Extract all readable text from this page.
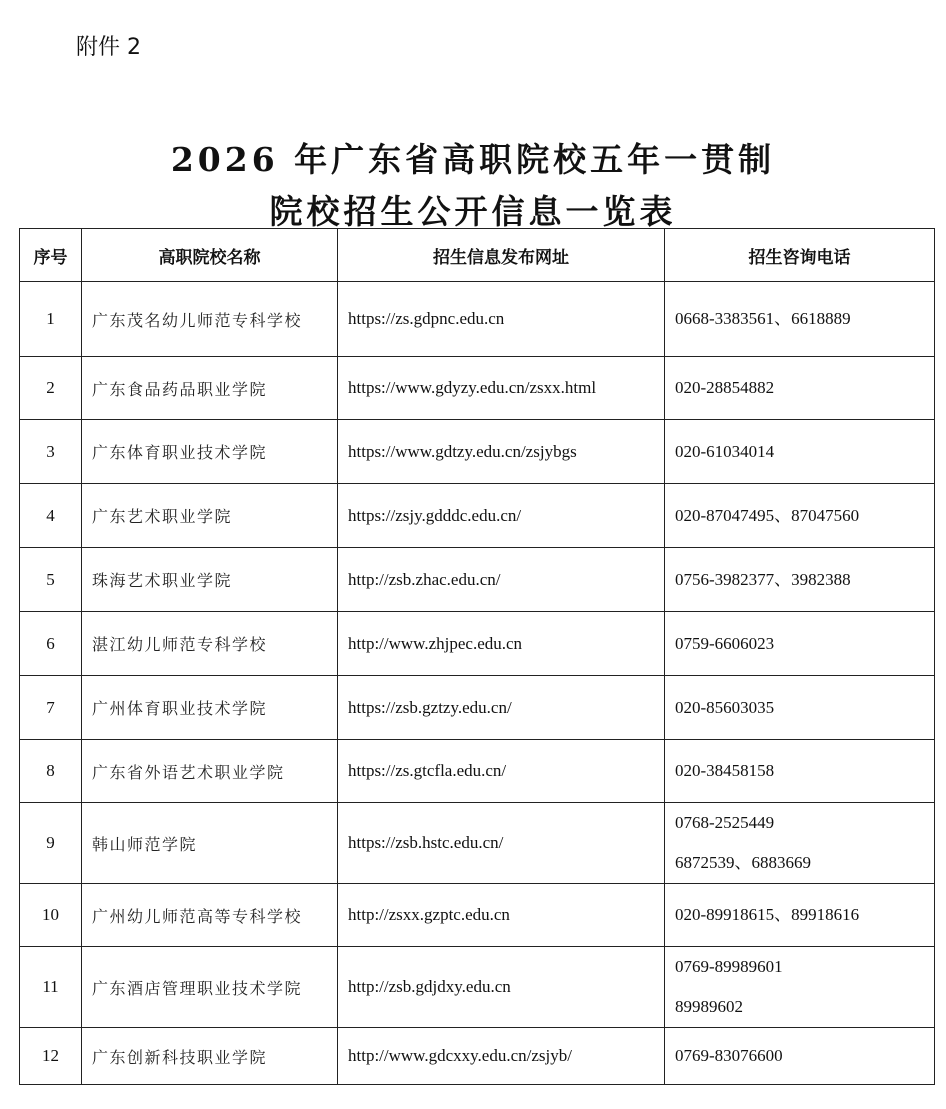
附件 2
2026 年广东省高职院校五年一贯制
院校招生公开信息一览表
序号	高职院校名称	招生信息发布网址	招生咨询电话
1	广东茂名幼儿师范专科学校	https://zs.gdpnc.edu.cn	0668-3383561、6618889

2	广东食品药品职业学院	https://www.gdyzy.edu.cn/zsxx.html	020-28854882

3	广东体育职业技术学院	https://www.gdtzy.edu.cn/zsjybgs	020-61034014

4	广东艺术职业学院	https://zsjy.gdddc.edu.cn/	020-87047495、87047560

5	珠海艺术职业学院	http://zsb.zhac.edu.cn/	0756-3982377、3982388

6	湛江幼儿师范专科学校	http://www.zhjpec.edu.cn	0759-6606023

7	广州体育职业技术学院	https://zsb.gztzy.edu.cn/	020-85603035

8	广东省外语艺术职业学院	https://zs.gtcfla.edu.cn/	020-38458158

9	韩山师范学院	https://zsb.hstc.edu.cn/	0768-2525449
6872539、6883669

10	广州幼儿师范高等专科学校	http://zsxx.gzptc.edu.cn	020-89918615、89918616

11	广东酒店管理职业技术学院	http://zsb.gdjdxy.edu.cn	0769-89989601
89989602

12	广东创新科技职业学院	http://www.gdcxxy.edu.cn/zsjyb/	0769-83076600
